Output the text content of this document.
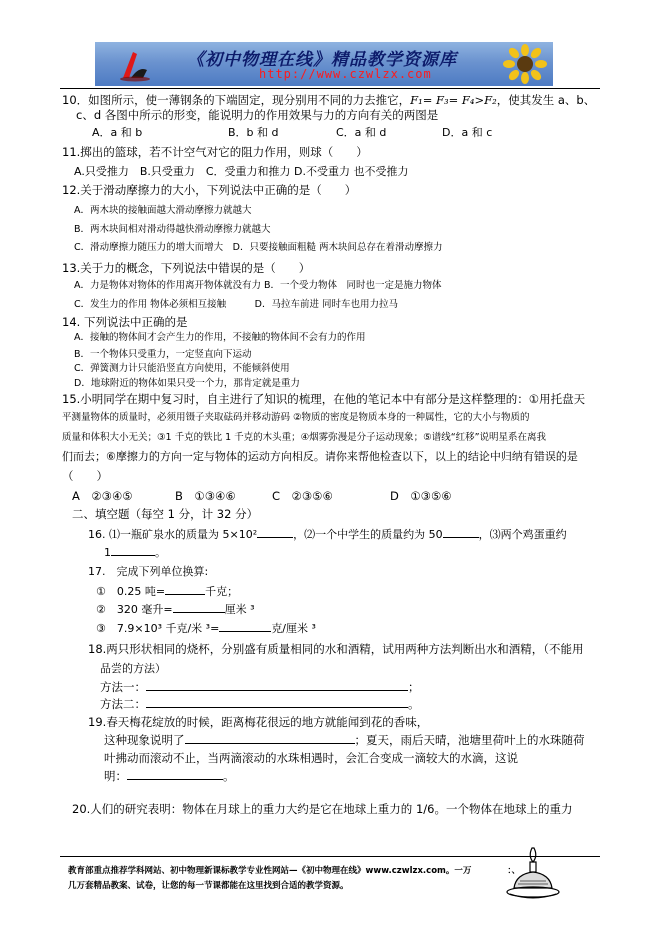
《初中物理在线》精品教学资源库
http://www.czwlzx.com
10．如图所示，使一薄钢条的下端固定，现分别用不同的力去推它，F₁= F₃= F₄>F₂，使其发生 a、b、
c、d 各图中所示的形变，能说明力的作用效果与力的方向有关的两图是
A．a 和 b	B．b 和 d	C．a 和 d	D．a 和 c
11.掷出的篮球，若不计空气对它的阻力作用，则球（　　）
A.只受推力　B.只受重力　C．受重力和推力 D.不受重力 也不受推力
12.关于滑动摩擦力的大小，下列说法中正确的是（　　）
A．两木块的接触面越大滑动摩擦力就越大
B．两木块间相对滑动得越快滑动摩擦力就越大
C．滑动摩擦力随压力的增大而增大　D．只要接触面粗糙 两木块间总存在着滑动摩擦力
13.关于力的概念，下列说法中错误的是（　　）
A．力是物体对物体的作用离开物体就没有力 B．一个受力物体　同时也一定是施力物体
C．发生力的作用 物体必须相互接触　　　D．马拉车前进 同时车也用力拉马
14. 下列说法中正确的是
A．接触的物体间才会产生力的作用，不接触的物体间不会有力的作用
B．一个物体只受重力，一定竖直向下运动
C．弹簧测力计只能沿竖直方向使用，不能倾斜使用
D．地球附近的物体如果只受一个力，那肯定就是重力
15.小明同学在期中复习时，自主进行了知识的梳理，在他的笔记本中有部分是这样整理的：①用托盘天
平测量物体的质量时，必须用镊子夹取砝码并移动游码 ②物质的密度是物质本身的一种属性，它的大小与物质的
质量和体积大小无关；③1 千克的铁比 1 千克的木头重；④烟雾弥漫是分子运动现象；⑤谱线“红移”说明星系在离我
们而去；⑥摩擦力的方向一定与物体的运动方向相反。请你来帮他检查以下，以上的结论中归纳有错误的是
（　　）
A　②③④⑤	B　①③④⑥	C　②③⑤⑥	D　①③⑤⑥
二、填空题（每空 1 分，计 32 分）
16. ⑴一瓶矿泉水的质量为 5×10²	，⑵一个中学生的质量约为 50	，⑶两个鸡蛋重约
1	。
17.　完成下列单位换算:
①　0.25 吨=	千克；
②　320 毫升=	厘米 ³
③　7.9×10³ 千克/米 ³=	克/厘米 ³
18.两只形状相同的烧杯，分别盛有质量相同的水和酒精，试用两种方法判断出水和酒精，（不能用
品尝的方法）
方法一：	；
方法二：	。
19.春天梅花绽放的时候，距离梅花很远的地方就能闻到花的香味，
这种现象说明了	；夏天，雨后天晴，池塘里荷叶上的水珠随荷
叶拂动而滚动不止，当两滴滚动的水珠相遇时，会汇合变成一滴较大的水滴，这说
明：	。
20.人们的研究表明：物体在月球上的重力大约是它在地球上重力的 1/6。一个物体在地球上的重力
教育部重点推荐学科网站、初中物理新课标教学专业性网站—《初中物理在线》www.czwlzx.com。一万	：、
几万套精品教案、试卷，让您的每一节课都能在这里找到合适的教学资源。
